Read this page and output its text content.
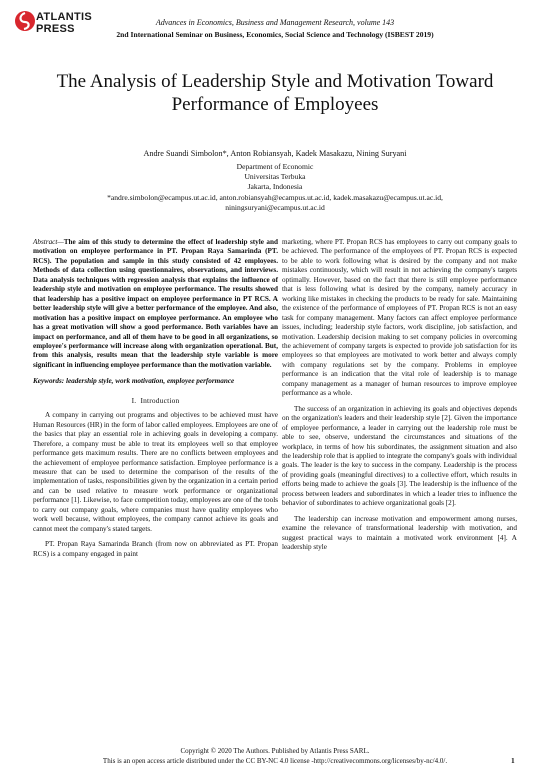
ATLANTIS
PRESS
Advances in Economics, Business and Management Research, volume 143
2nd International Seminar on Business, Economics, Social Science and Technology (ISBEST 2019)
The Analysis of Leadership Style and Motivation Toward Performance of Employees
Andre Suandi Simbolon*, Anton Robiansyah, Kadek Masakazu, Nining Suryani
Department of Economic
Universitas Terbuka
Jakarta, Indonesia
*andre.simbolon@ecampus.ut.ac.id, anton.robiansyah@ecampus.ut.ac.id, kadek.masakazu@ecampus.ut.ac.id,
niningsuryani@ecampus.ut.ac.id

Abstract—The aim of this study to determine the effect of leadership style and motivation on employee performance in PT. Propan Raya Samarinda (PT. RCS). The population and sample in this study consisted of 42 employees. Methods of data collection using questionnaires, observations, and interviews. Data analysis techniques with regression analysis that explains the influence of leadership style and motivation on employee performance. The results showed that leadership has a positive impact on employee performance in PT RCS. A better leadership style will give a better performance of the employee. And also, motivation has a positive impact on employee performance. An employee who has a great motivation will show a good performance. Both variables have an impact on performance, and all of them have to be good in all organizations, so employee's performance will increase along with organization operational. But, from this analysis, results mean that the leadership style variable is more significant in influencing employee performance than the motivation variable.

Keywords: leadership style, work motivation, employee performance

I. Introduction

A company in carrying out programs and objectives to be achieved must have Human Resources (HR) in the form of labor called employees. Employees are one of the basics that play an essential role in achieving goals in developing a company. Therefore, a company must be able to treat its employees well so that employee performance gets maximum results. There are no conflicts between employees and the achievement of employee performance satisfaction. Employee performance is a measure that can be used to determine the comparison of the results of the implementation of tasks, responsibilities given by the organization in a certain period and can be used relative to measure work performance or organizational performance [1]. Likewise, to face competition today, employees are one of the tools to carry out company goals, where companies must have quality employees who work well because, without employees, the company cannot achieve its goals and cannot meet the company's stated targets.

PT. Propan Raya Samarinda Branch (from now on abbreviated as PT. Propan RCS) is a company engaged in paint

marketing, where PT. Propan RCS has employees to carry out company goals to be achieved. The performance of the employees of PT. Propan RCS is expected to be able to work following what is desired by the company and not make mistakes continuously, which will result in not achieving the company's targets optimally. However, based on the fact that there is still employee performance that is less following what is desired by the company, namely accuracy in working like mistakes in checking the products to be ready for sale. Maintaining the existence of the performance of employees of PT. Propan RCS is not an easy task for company management. Many factors can affect employee performance issues, including; leadership style factors, work discipline, job satisfaction, and motivation. Leadership decision making to set company policies in overcoming the achievement of company targets is expected to provide job satisfaction for its employees so that employees are motivated to work better and always comply with company regulations set by the company. Problems in employee performance is an indication that the vital role of leadership is to manage company management as a manager of human resources to improve employee performance as a whole.

The success of an organization in achieving its goals and objectives depends on the organization's leaders and their leadership style [2]. Given the importance of employee performance, a leader in carrying out the leadership role must be able to see, observe, understand the circumstances and situations of the workplace, in terms of how his subordinates, the assignment situation and also the leadership role that is applied to integrate the company's goals with individual goals. The leader is the key to success in the company. Leadership is the process of providing goals (meaningful directives) to a collective effort, which results in efforts being made to achieve the goals [3]. The leadership is the influence of the process between leaders and subordinates in which a leader tries to influence the behavior of subordinates to achieve organizational goals [2].

The leadership can increase motivation and empowerment among nurses, examine the relevance of transformational leadership with motivation, and suggest practical ways to maintain a motivated work environment [4]. A leadership style

Copyright © 2020 The Authors. Published by Atlantis Press SARL.
This is an open access article distributed under the CC BY-NC 4.0 license -http://creativecommons.org/licenses/by-nc/4.0/.	1
